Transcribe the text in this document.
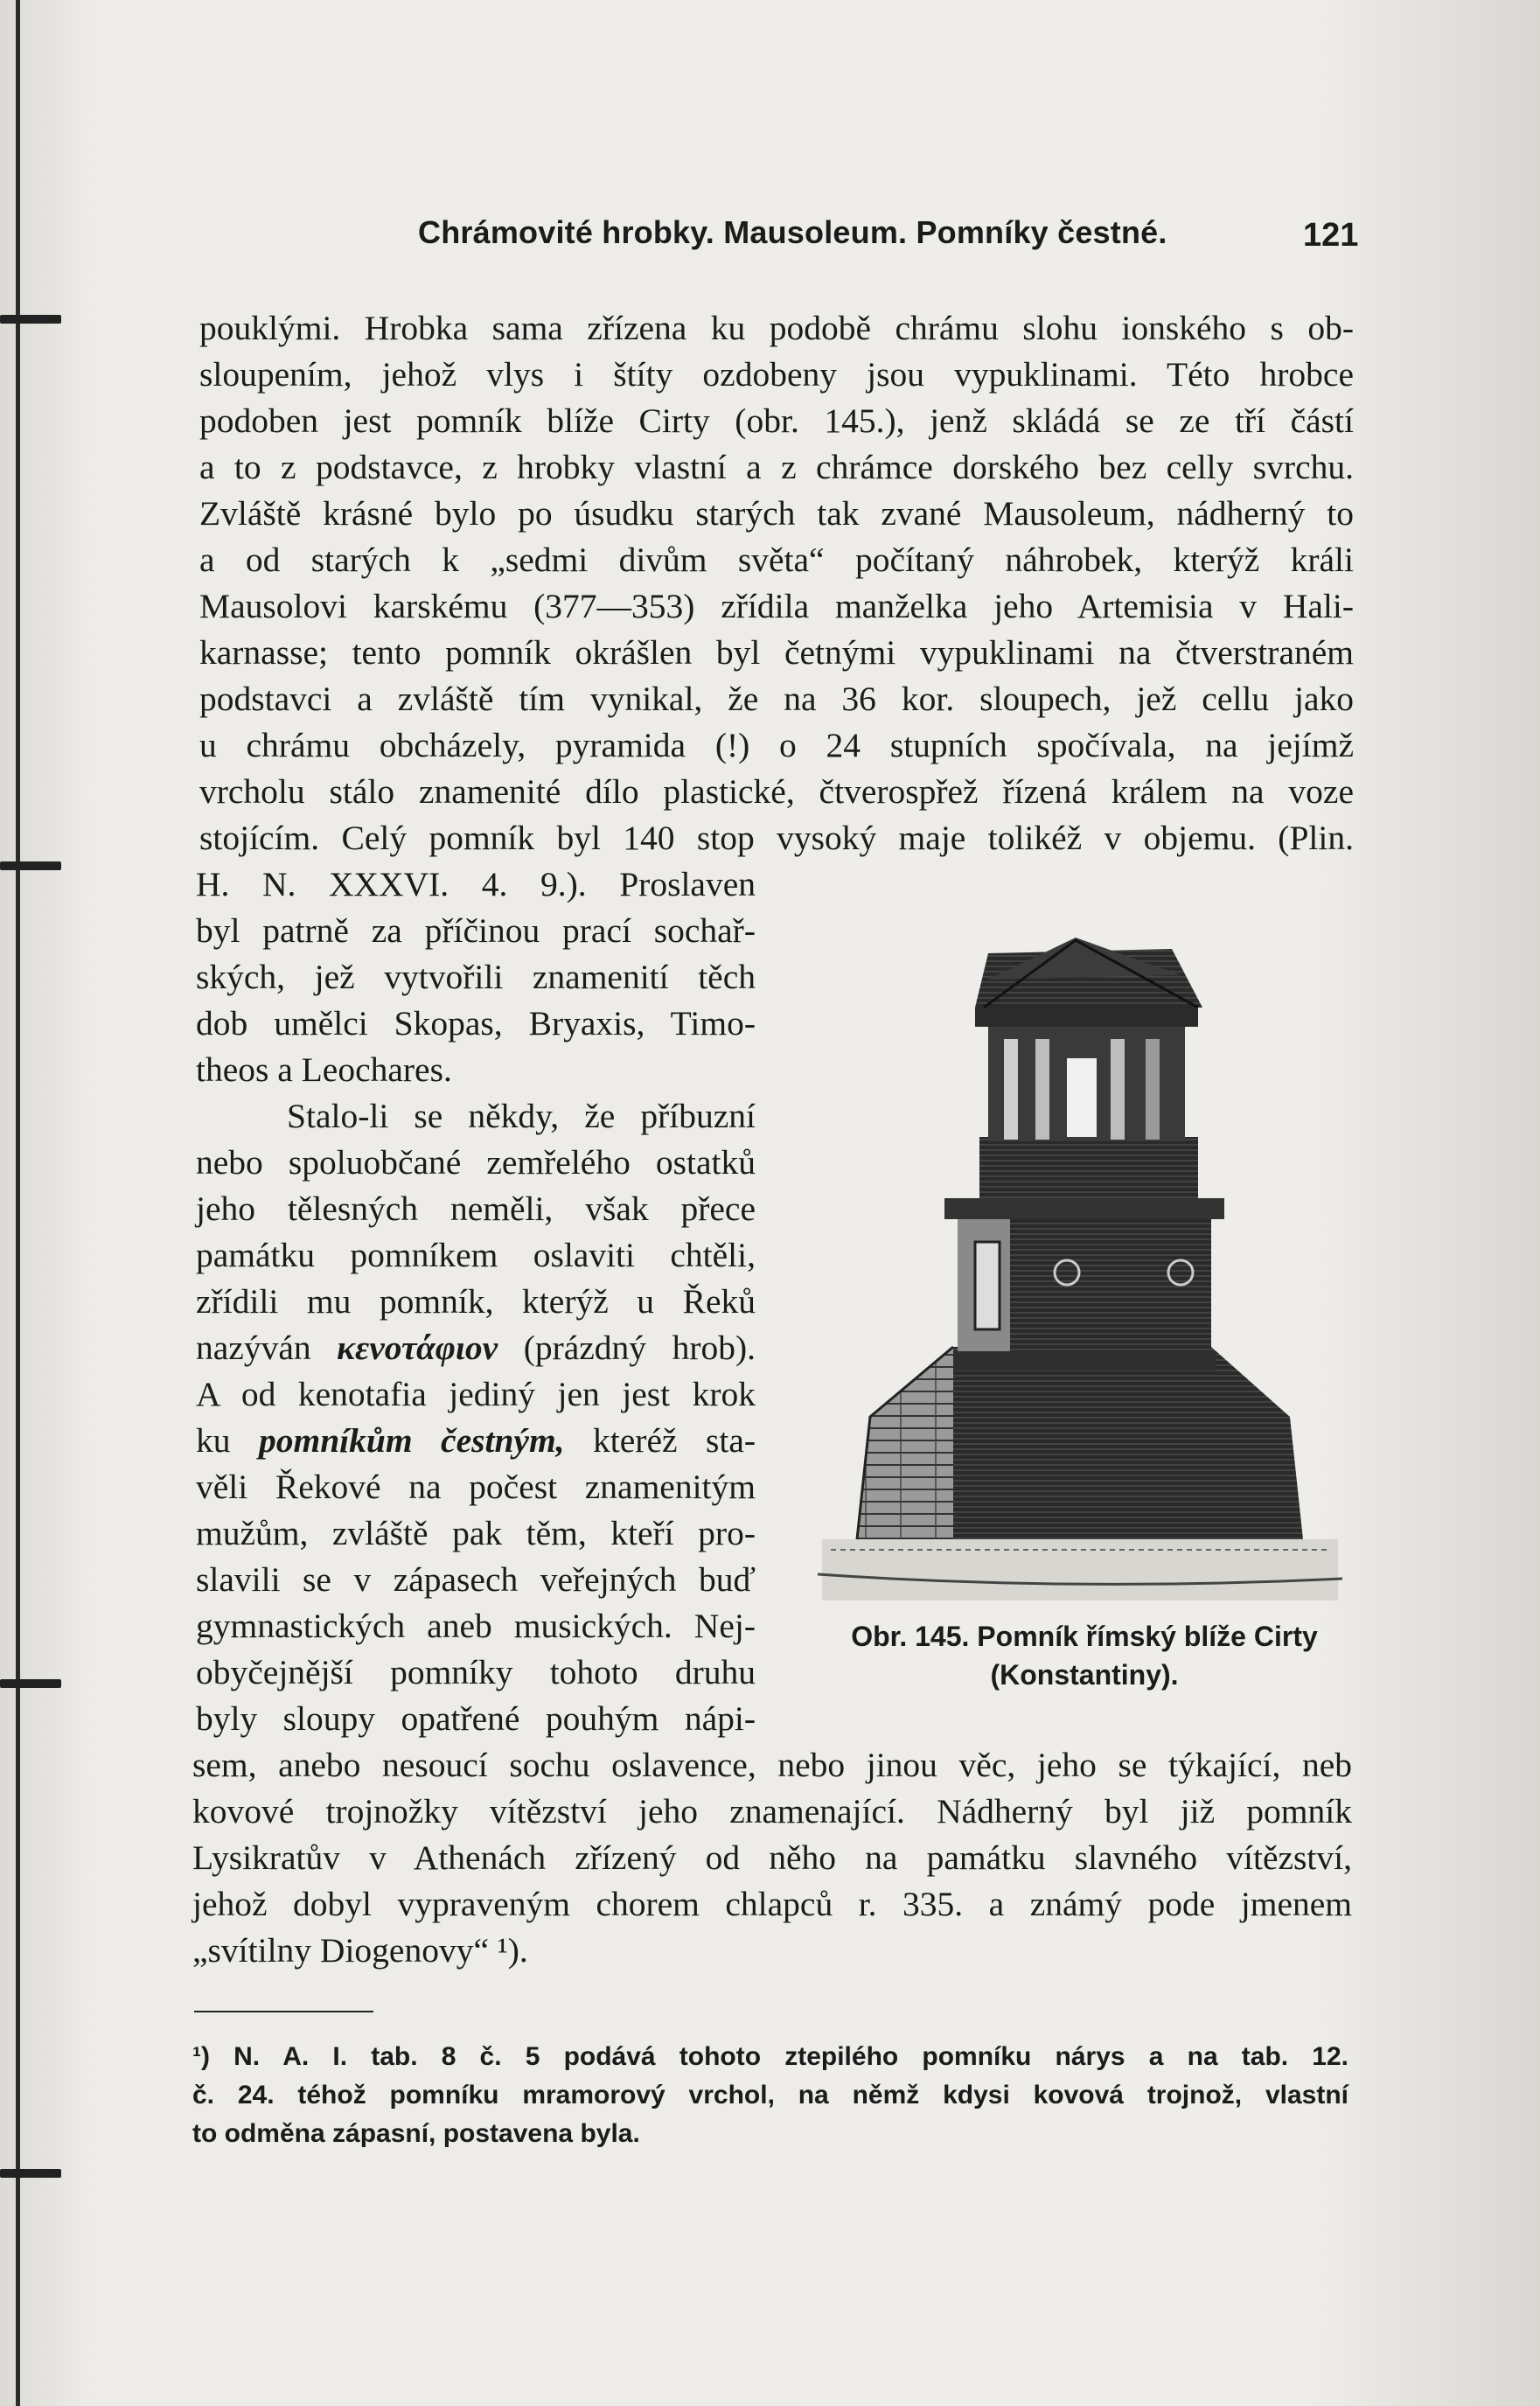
Chrámovité hrobky. Mausoleum. Pomníky čestné.	121
pouklými. Hrobka sama zřízena ku podobě chrámu slohu ionského s ob-
sloupením, jehož vlys i štíty ozdobeny jsou vypuklinami. Této hrobce
podoben jest pomník blíže Cirty (obr. 145.), jenž skládá se ze tří částí
a to z podstavce, z hrobky vlastní a z chrámce dorského bez celly svrchu.
Zvláště krásné bylo po úsudku starých tak zvané Mausoleum, nádherný to
a od starých k „sedmi divům světa“ počítaný náhrobek, kterýž králi
Mausolovi karskému (377—353) zřídila manželka jeho Artemisia v Hali-
karnasse; tento pomník okrášlen byl četnými vypuklinami na čtverstraném
podstavci a zvláště tím vynikal, že na 36 kor. sloupech, jež cellu jako
u chrámu obcházely, pyramida (!) o 24 stupních spočívala, na jejímž
vrcholu stálo znamenité dílo plastické, čtverospřež řízená králem na voze
stojícím. Celý pomník byl 140 stop vysoký maje tolikéž v objemu. (Plin.
H. N. XXXVI. 4. 9.). Proslaven
byl patrně za příčinou prací sochař-
ských, jež vytvořili znamenití těch
dob umělci Skopas, Bryaxis, Timo-
theos a Leochares.
Stalo-li se někdy, že příbuzní
nebo spoluobčané zemřelého ostatků
jeho tělesných neměli, však přece
památku pomníkem oslaviti chtěli,
zřídili mu pomník, kterýž u Řeků
nazýván κενοτάφιον (prázdný hrob).
A od kenotafia jediný jen jest krok
ku pomníkům čestným, kteréž sta-
věli Řekové na počest znamenitým
mužům, zvláště pak těm, kteří pro-
slavili se v zápasech veřejných buď
gymnastických aneb musických. Nej-
obyčejnější pomníky tohoto druhu
byly sloupy opatřené pouhým nápi-
sem, anebo nesoucí sochu oslavence, nebo jinou věc, jeho se týkající, neb
kovové trojnožky vítězství jeho znamenající. Nádherný byl již pomník
Lysikratův v Athenách zřízený od něho na památku slavného vítězství,
jehož dobyl vypraveným chorem chlapců r. 335. a známý pode jmenem
„svítilny Diogenovy“ ¹).
Obr. 145. Pomník římský blíže Cirty
(Konstantiny).
¹) N. A. I. tab. 8 č. 5 podává tohoto ztepilého pomníku nárys a na tab. 12.
č. 24. téhož pomníku mramorový vrchol, na němž kdysi kovová trojnož, vlastní
to odměna zápasní, postavena byla.
